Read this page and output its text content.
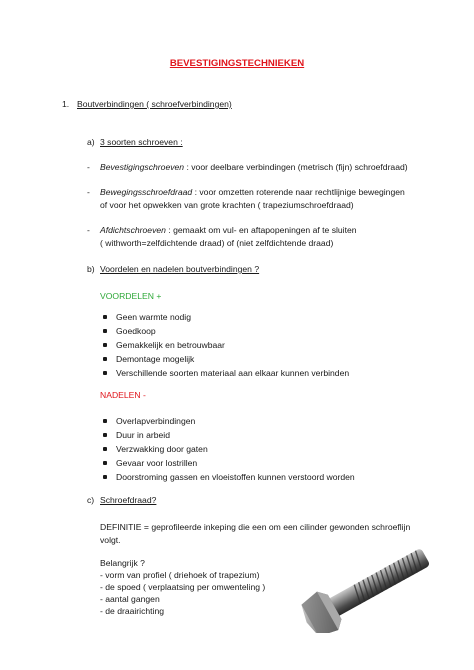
BEVESTIGINGSTECHNIEKEN
1. Boutverbindingen ( schroefverbindingen)
a) 3 soorten schroeven :
- Bevestigingschroeven : voor deelbare verbindingen (metrisch (fijn) schroefdraad)
- Bewegingsschroefdraad : voor omzetten roterende naar rechtlijnige bewegingen
of voor het opwekken van grote krachten ( trapeziumschroefdraad)
- Afdichtschroeven : gemaakt om vul- en aftapopeningen af te sluiten
( withworth=zelfdichtende draad) of (niet zelfdichtende draad)
b) Voordelen en nadelen boutverbindingen ?
VOORDELEN +
Geen warmte nodig
Goedkoop
Gemakkelijk en betrouwbaar
Demontage mogelijk
Verschillende soorten materiaal aan elkaar kunnen verbinden
NADELEN -
Overlapverbindingen
Duur in arbeid
Verzwakking door gaten
Gevaar voor lostrillen
Doorstroming gassen en vloeistoffen kunnen verstoord worden
c) Schroefdraad?
DEFINITIE = geprofileerde inkeping die een om een cilinder gewonden schroeflijn
volgt.
Belangrijk ?
- vorm van profiel ( driehoek of trapezium)
- de spoed ( verplaatsing per omwenteling )
- aantal gangen
- de draairichting
